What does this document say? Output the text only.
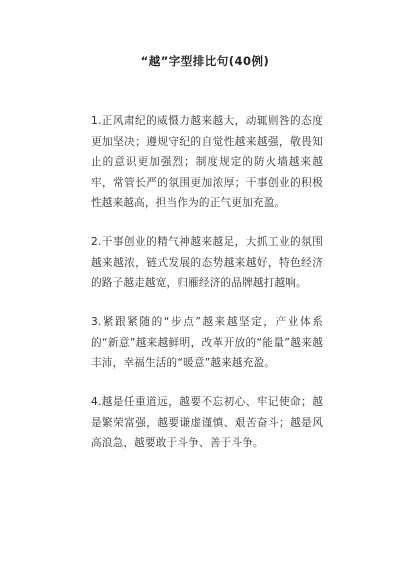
“越”字型排比句(40例)
1.正风肃纪的威慑力越来越大，动辄则咎的态度更加坚决；遵规守纪的自觉性越来越强，敬畏知止的意识更加强烈；制度规定的防火墙越来越牢，常管长严的氛围更加浓厚；干事创业的积极性越来越高，担当作为的正气更加充盈。
2.干事创业的精气神越来越足，大抓工业的氛围越来越浓，链式发展的态势越来越好，特色经济的路子越走越宽，归雁经济的品牌越打越响。
3.紧跟紧随的“步点”越来越坚定，产业体系的“新意”越来越鲜明，改革开放的“能量”越来越丰沛，幸福生活的“暖意”越来越充盈。
4.越是任重道远，越要不忘初心、牢记使命；越是繁荣富强，越要谦虚谨慎、艰苦奋斗；越是风高浪急，越要敢于斗争、善于斗争。
